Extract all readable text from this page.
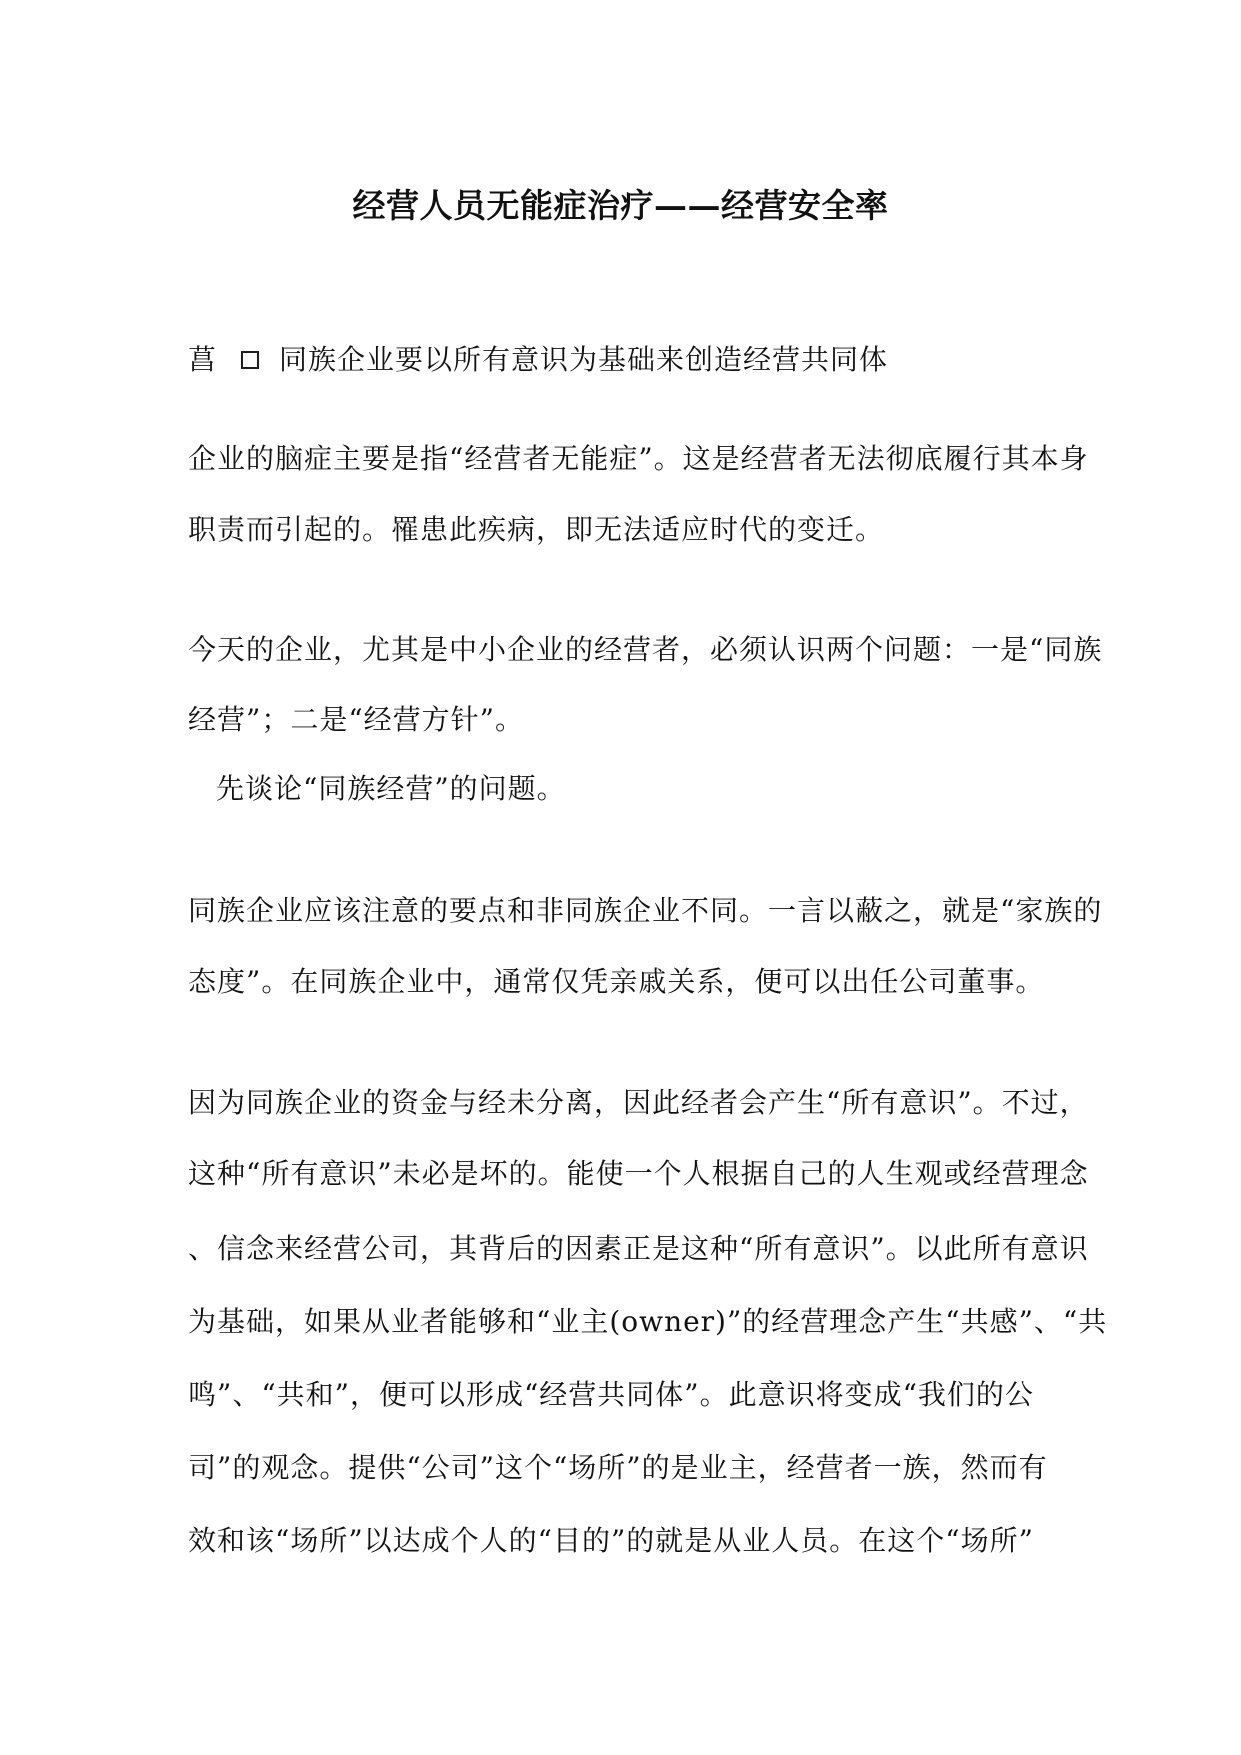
经营人员无能症治疗——经营安全率
菖 同族企业要以所有意识为基础来创造经营共同体

企业的脑症主要是指“经营者无能症”。这是经营者无法彻底履行其本身

职责而引起的。罹患此疾病，即无法适应时代的变迁。

今天的企业，尤其是中小企业的经营者，必须认识两个问题：一是“同族

经营”；二是“经营方针”。

先谈论“同族经营”的问题。

同族企业应该注意的要点和非同族企业不同。一言以蔽之，就是“家族的

态度”。在同族企业中，通常仅凭亲戚关系，便可以出任公司董事。

因为同族企业的资金与经未分离，因此经者会产生“所有意识”。不过，

这种“所有意识”未必是坏的。能使一个人根据自己的人生观或经营理念

、信念来经营公司，其背后的因素正是这种“所有意识”。以此所有意识

为基础，如果从业者能够和“业主(owner)”的经营理念产生“共感”、“共

鸣”、“共和”，便可以形成“经营共同体”。此意识将变成“我们的公

司”的观念。提供“公司”这个“场所”的是业主，经营者一族，然而有

效和该“场所”以达成个人的“目的”的就是从业人员。在这个“场所”
